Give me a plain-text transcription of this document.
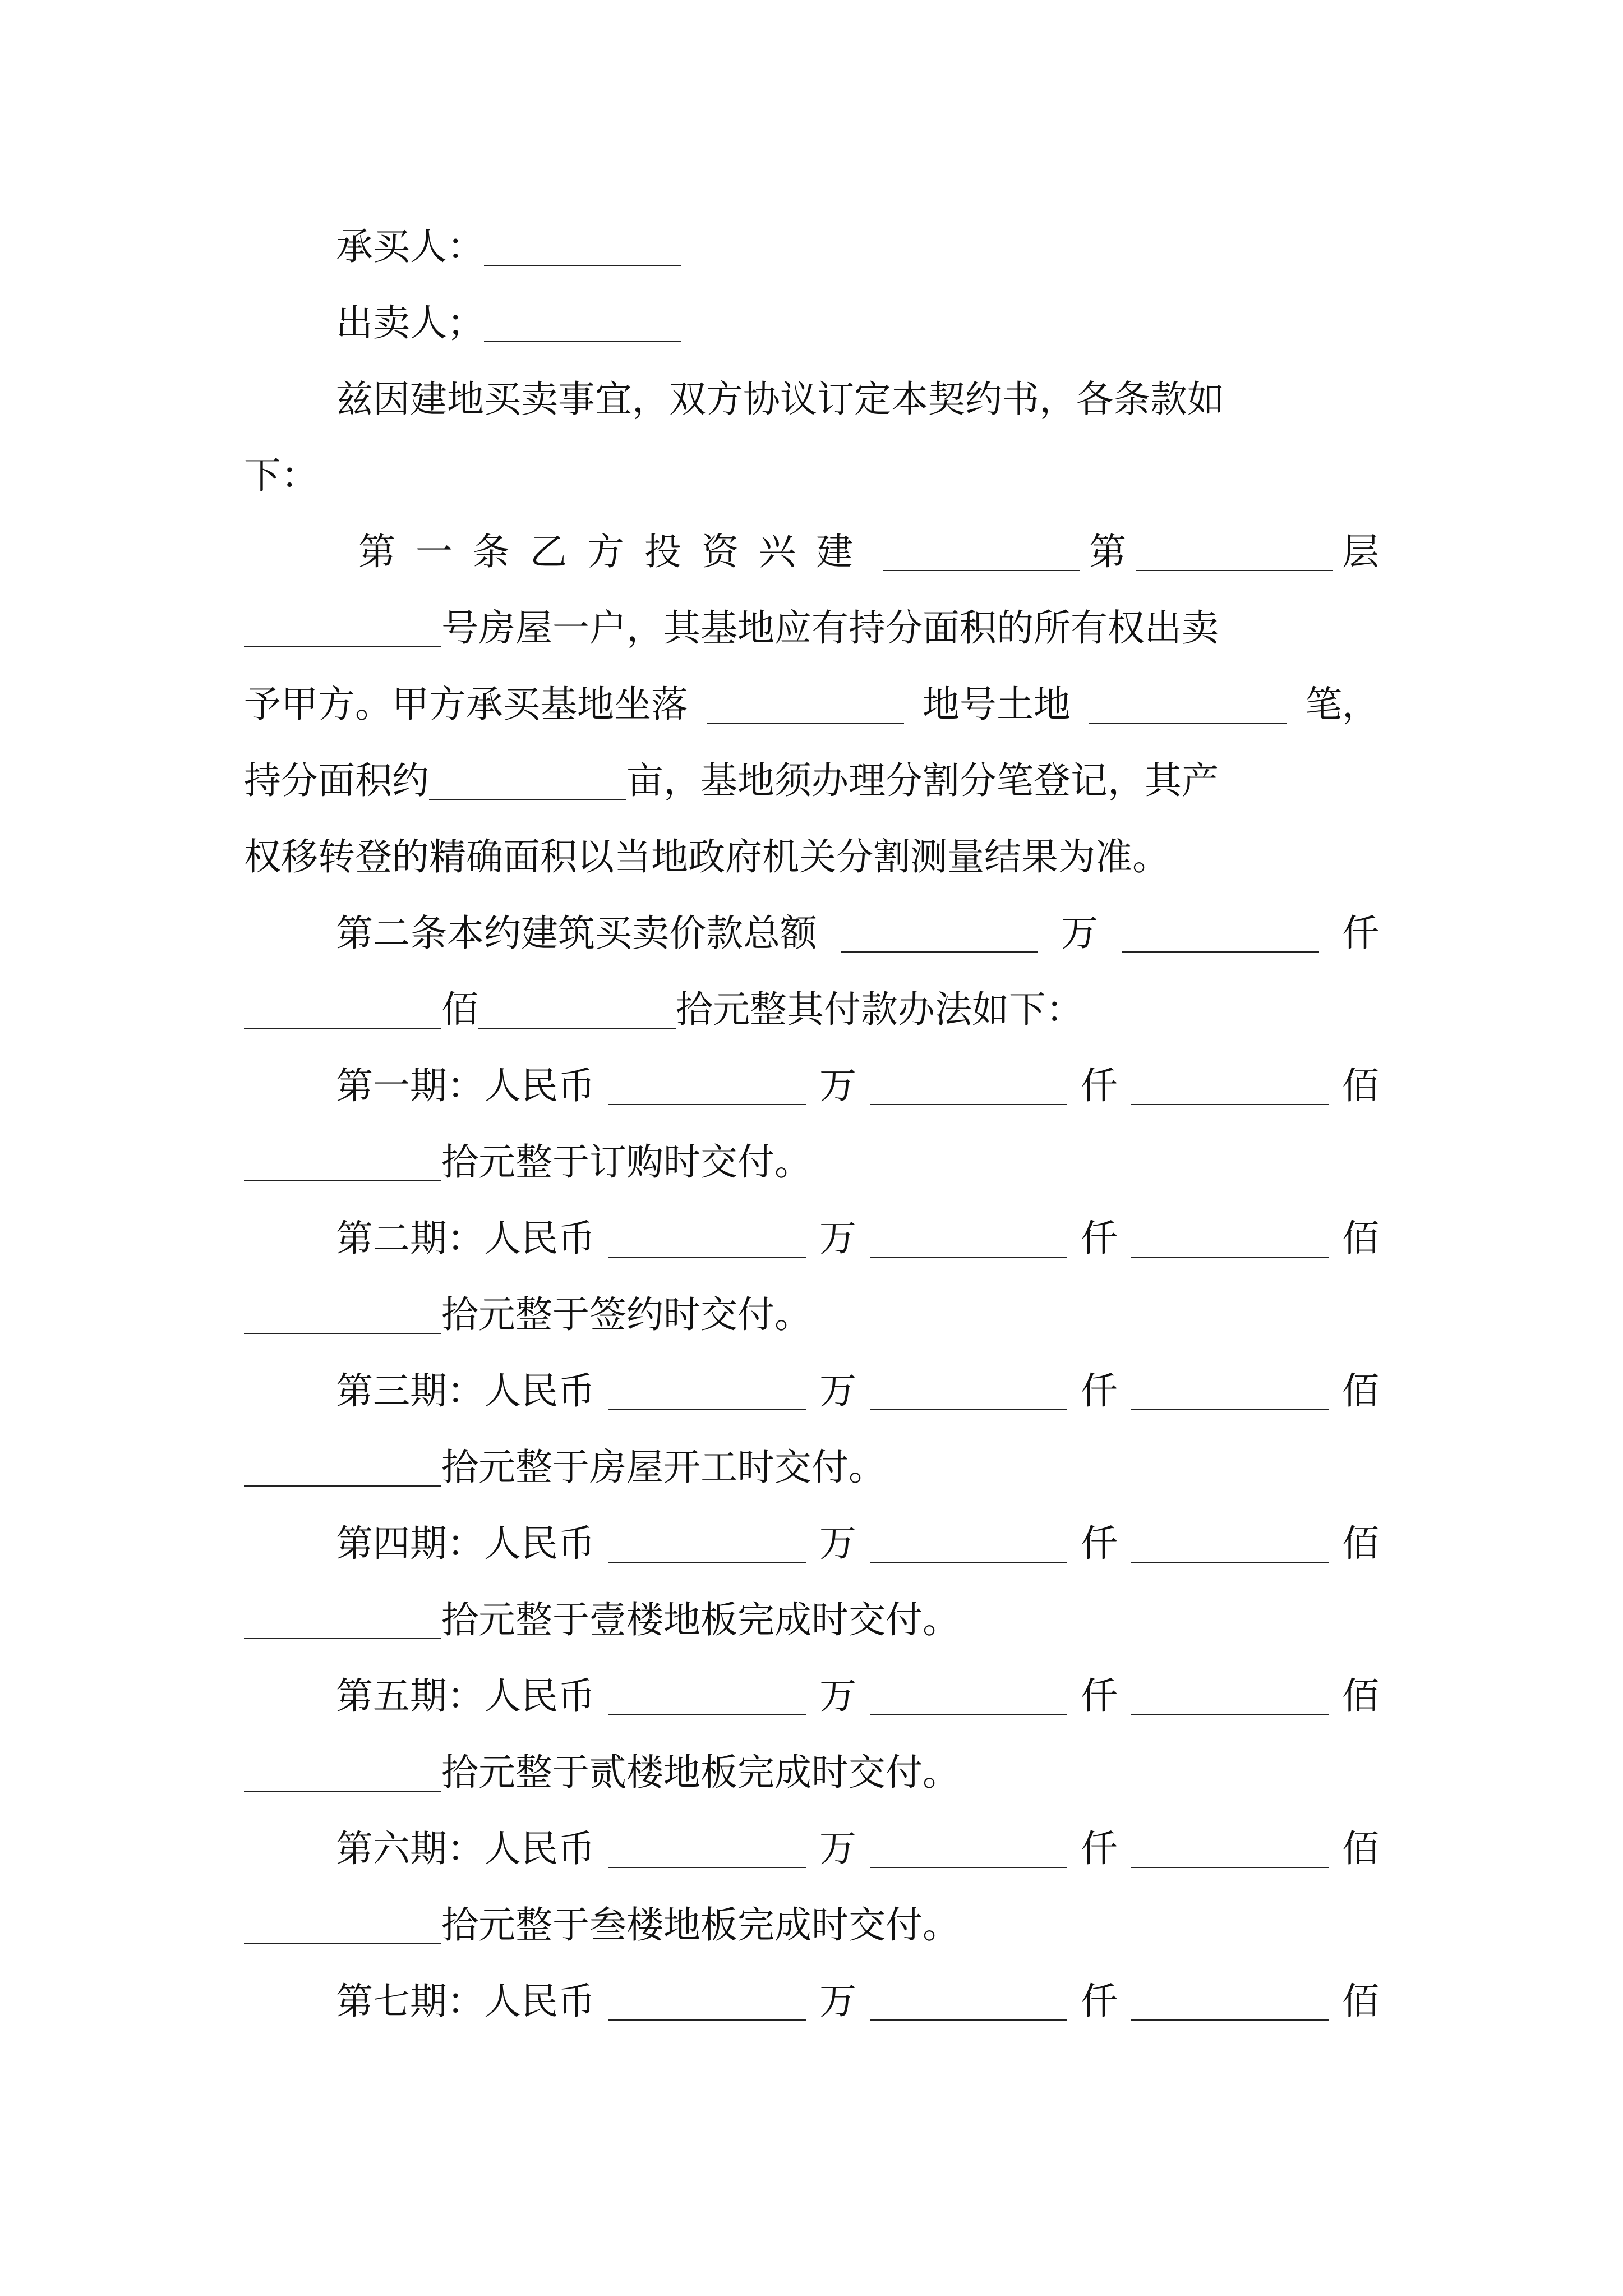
承买人：
出卖人；
兹因建地买卖事宜，双方协议订定本契约书，各条款如
下：
第一条乙方投资兴建	第	层
号房屋一户，其基地应有持分面积的所有权出卖
予甲方。甲方承买基地坐落	地号土地	笔，
持分面积约	亩，基地须办理分割分笔登记，其产
权移转登的精确面积以当地政府机关分割测量结果为准。
第二条本约建筑买卖价款总额	万	仟
佰	拾元整其付款办法如下：
第一期：人民币	万	仟	佰
拾元整于订购时交付。
第二期：人民币	万	仟	佰
拾元整于签约时交付。
第三期：人民币	万	仟	佰
拾元整于房屋开工时交付。
第四期：人民币	万	仟	佰
拾元整于壹楼地板完成时交付。
第五期：人民币	万	仟	佰
拾元整于贰楼地板完成时交付。
第六期：人民币	万	仟	佰
拾元整于叁楼地板完成时交付。
第七期：人民币	万	仟	佰
